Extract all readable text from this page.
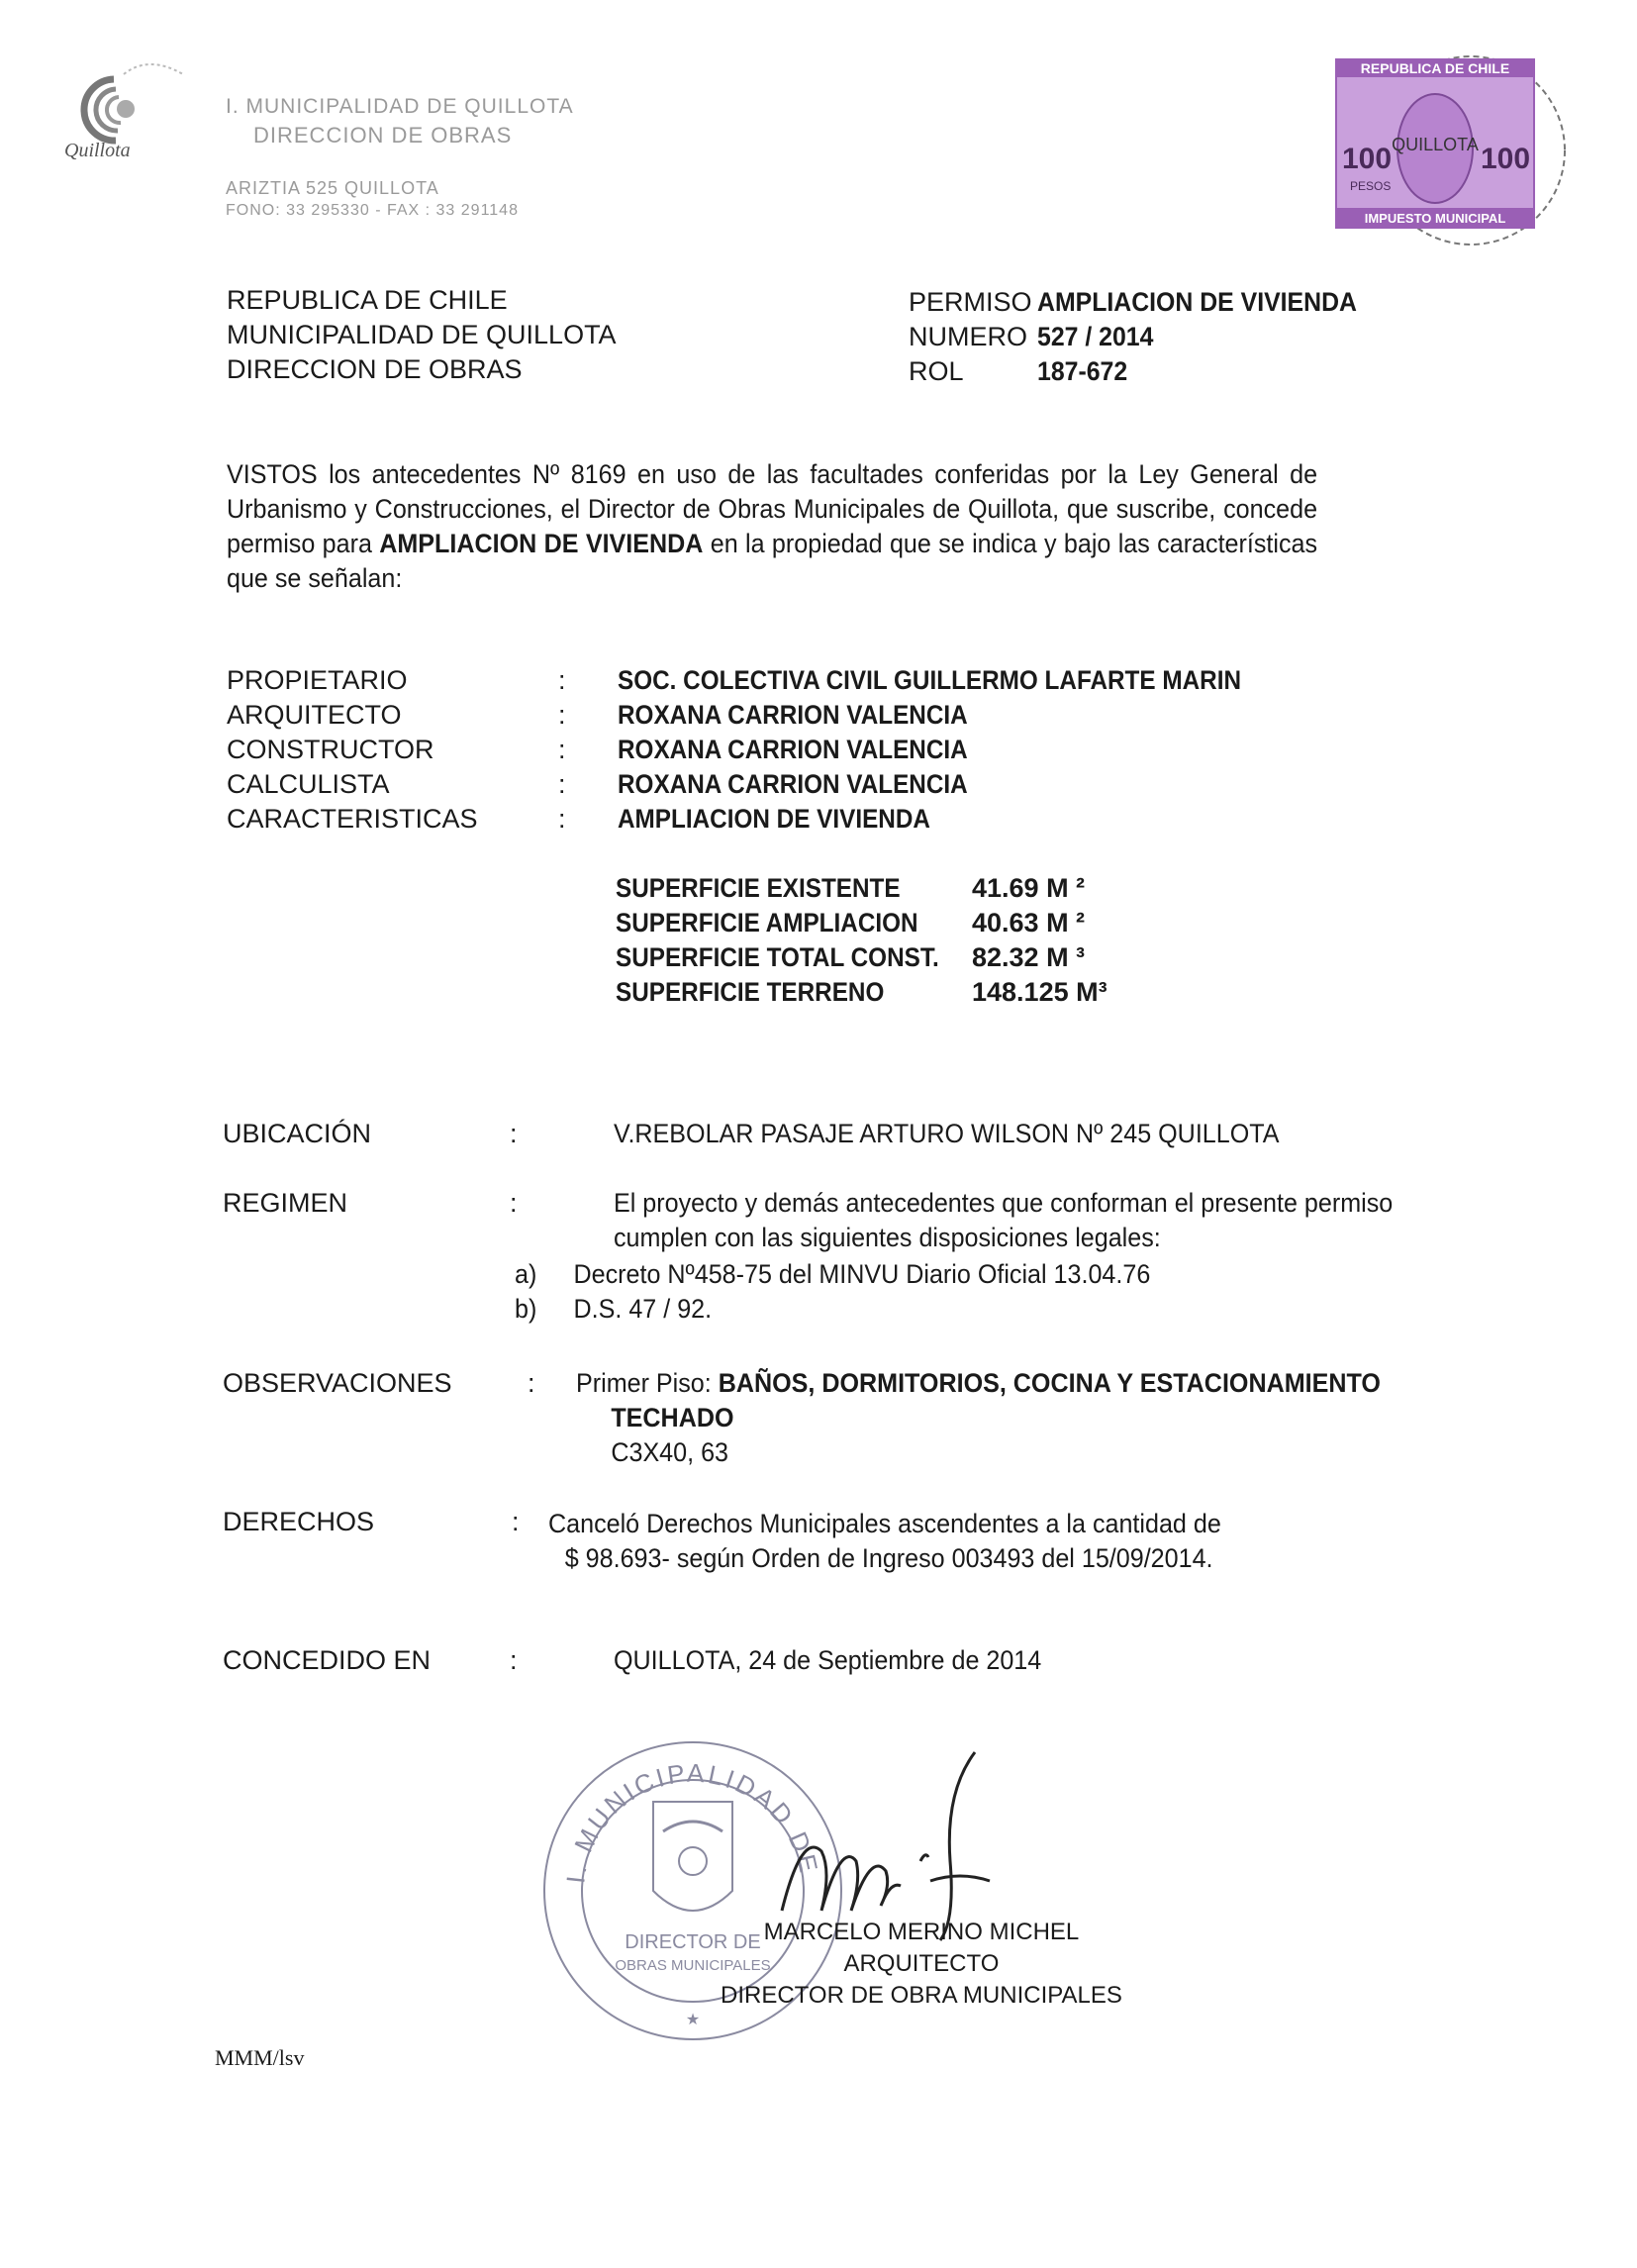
Quillota
I. MUNICIPALIDAD DE QUILLOTA
DIRECCION DE OBRAS
ARIZTIA 525 QUILLOTA
FONO: 33 295330 - FAX : 33 291148
REPUBLICA DE CHILE
100	100
PESOS
QUILLOTA
IMPUESTO MUNICIPAL
REPUBLICA DE CHILE
MUNICIPALIDAD DE QUILLOTA
DIRECCION DE OBRAS
PERMISO AMPLIACION DE VIVIENDA
NUMERO 527 / 2014
ROL	187-672
VISTOS los antecedentes Nº 8169 en uso de las facultades conferidas por la Ley General de Urbanismo y Construcciones, el Director de Obras Municipales de Quillota, que suscribe, concede permiso para AMPLIACION DE VIVIENDA en la propiedad que se indica y bajo las características que se señalan:
PROPIETARIO	:	SOC. COLECTIVA CIVIL GUILLERMO LAFARTE MARIN
ARQUITECTO	:	ROXANA CARRION VALENCIA
CONSTRUCTOR	:	ROXANA CARRION VALENCIA
CALCULISTA	:	ROXANA CARRION VALENCIA
CARACTERISTICAS	:	AMPLIACION DE VIVIENDA
SUPERFICIE EXISTENTE	41.69 M ²
SUPERFICIE AMPLIACION	40.63 M ²
SUPERFICIE TOTAL CONST. 82.32 M ³
SUPERFICIE TERRENO	148.125 M³
UBICACIÓN	:	V.REBOLAR PASAJE ARTURO WILSON Nº 245 QUILLOTA
REGIMEN	:	El proyecto y demás antecedentes que conforman el presente permiso
cumplen con las siguientes disposiciones legales:
a) Decreto Nº458-75 del MINVU Diario Oficial 13.04.76
b) D.S. 47 / 92.
OBSERVACIONES	: Primer Piso: BAÑOS, DORMITORIOS, COCINA Y ESTACIONAMIENTO
TECHADO
C3X40, 63
DERECHOS	: Canceló Derechos Municipales ascendentes a la cantidad de
$ 98.693- según Orden de Ingreso 003493 del 15/09/2014.
CONCEDIDO EN	:	QUILLOTA, 24 de Septiembre de 2014
I. MUNICIPALIDAD DE
DIRECTOR DE
OBRAS MUNICIPALES
★
MARCELO MERINO MICHEL
ARQUITECTO
DIRECTOR DE OBRA MUNICIPALES
MMM/lsv
